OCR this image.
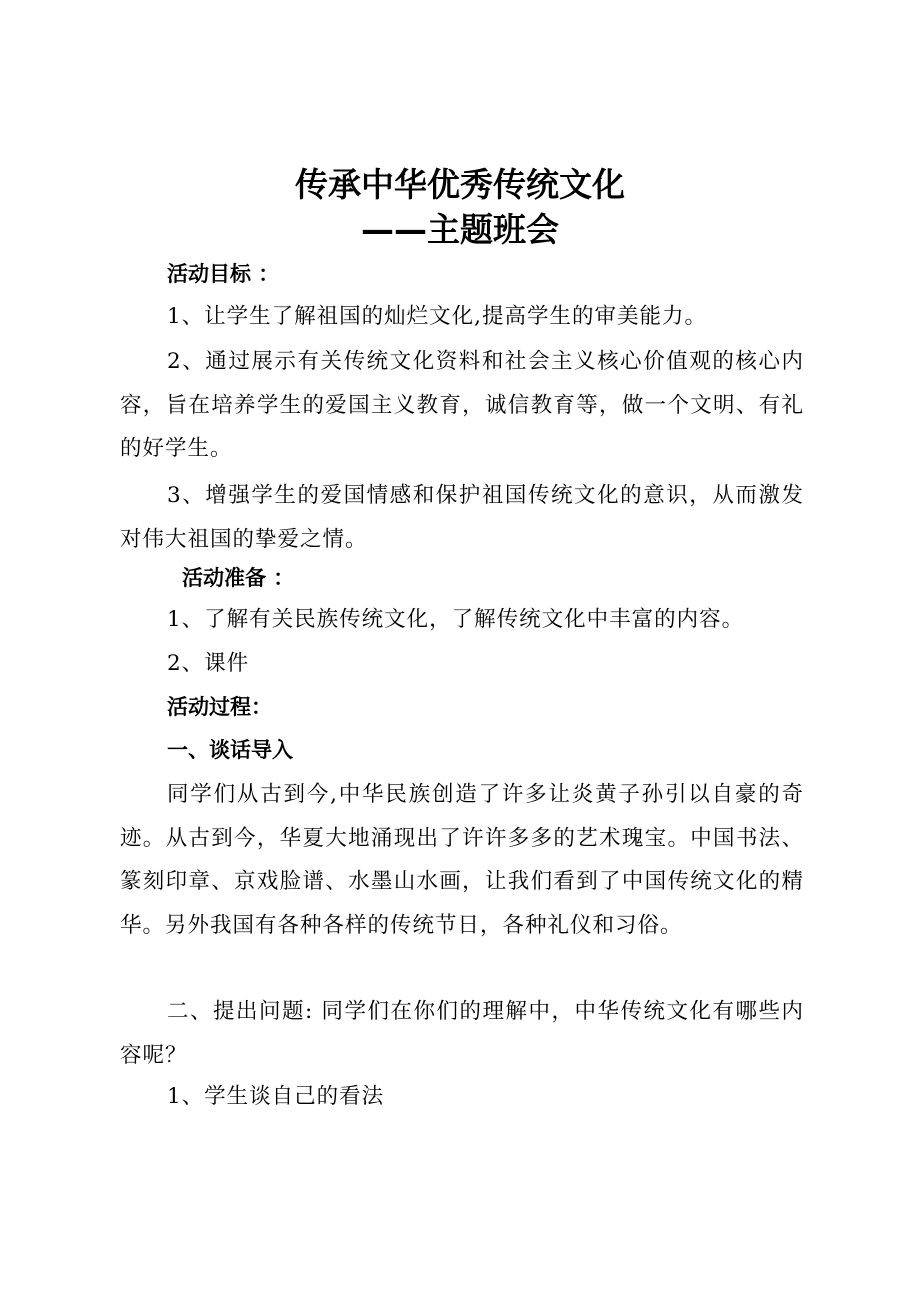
传承中华优秀传统文化
——主题班会
活动目标 ：
1、让学生了解祖国的灿烂文化,提高学生的审美能力。
2、通过展示有关传统文化资料和社会主义核心价值观的核心内容，旨在培养学生的爱国主义教育，诚信教育等，做一个文明、有礼的好学生。
3、增强学生的爱国情感和保护祖国传统文化的意识，从而激发对伟大祖国的挚爱之情。
活动准备 ：
1、了解有关民族传统文化，了解传统文化中丰富的内容。
2、课件
活动过程：
一、谈话导入
同学们从古到今,中华民族创造了许多让炎黄子孙引以自豪的奇迹。从古到今，华夏大地涌现出了许许多多的艺术瑰宝。中国书法、篆刻印章、京戏脸谱、水墨山水画，让我们看到了中国传统文化的精华。另外我国有各种各样的传统节日，各种礼仪和习俗。
二、提出问题: 同学们在你们的理解中，中华传统文化有哪些内容呢？
1、学生谈自己的看法
